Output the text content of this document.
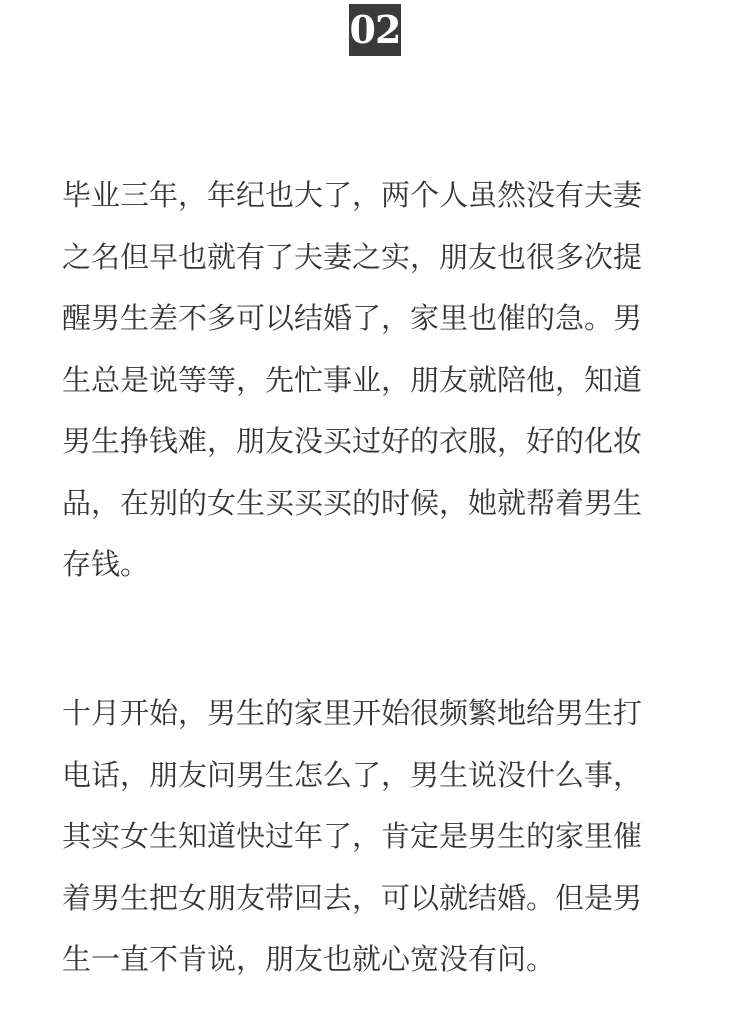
02
毕业三年，年纪也大了，两个人虽然没有夫妻
之名但早也就有了夫妻之实，朋友也很多次提
醒男生差不多可以结婚了，家里也催的急。男
生总是说等等，先忙事业，朋友就陪他，知道
男生挣钱难，朋友没买过好的衣服，好的化妆
品，在别的女生买买买的时候，她就帮着男生
存钱。
十月开始，男生的家里开始很频繁地给男生打
电话，朋友问男生怎么了，男生说没什么事，
其实女生知道快过年了，肯定是男生的家里催
着男生把女朋友带回去，可以就结婚。但是男
生一直不肯说，朋友也就心宽没有问。
